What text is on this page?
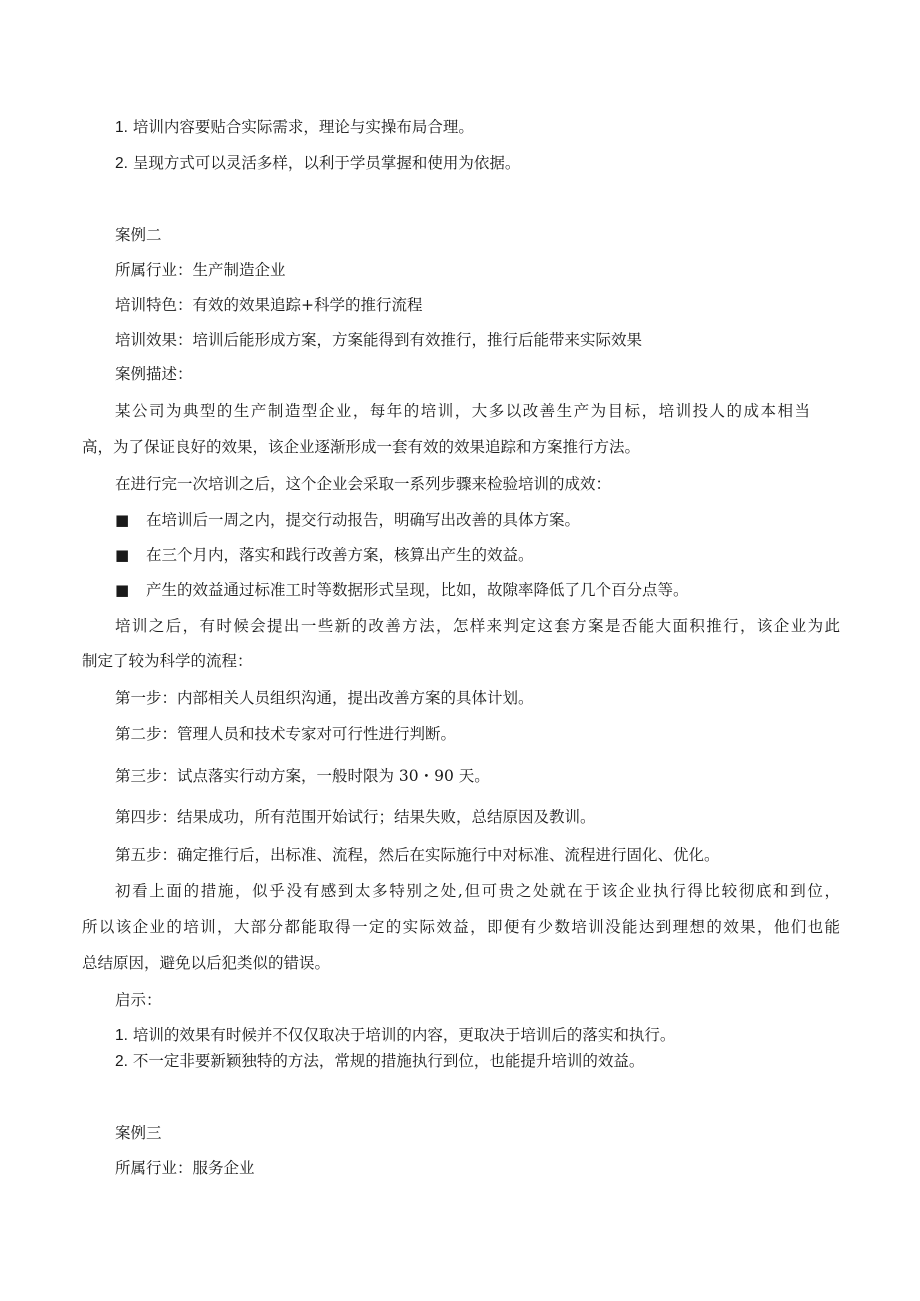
1. 培训内容要贴合实际需求，理论与实操布局合理。
2. 呈现方式可以灵活多样，以利于学员掌握和使用为依据。
案例二
所属行业：生产制造企业
培训特色：有效的效果追踪+科学的推行流程
培训效果：培训后能形成方案，方案能得到有效推行，推行后能带来实际效果
案例描述：
某公司为典型的生产制造型企业，每年的培训，大多以改善生产为目标，培训投人的成本相当
高，为了保证良好的效果，该企业逐渐形成一套有效的效果追踪和方案推行方法。
在进行完一次培训之后，这个企业会采取一系列步骤来检验培训的成效：
■ 在培训后一周之内，提交行动报告，明确写出改善的具体方案。
■ 在三个月内，落实和践行改善方案，核算出产生的效益。
■ 产生的效益通过标准工时等数据形式呈现，比如，故隙率降低了几个百分点等。
培训之后，有时候会提出一些新的改善方法，怎样来判定这套方案是否能大面积推行，该企业为此
制定了较为科学的流程：
第一步：内部相关人员组织沟通，提出改善方案的具体计划。
第二步：管理人员和技术专家对可行性进行判断。
第三步：试点落实行动方案，一般时限为 30・90 天。
第四步：结果成功，所有范围开始试行；结果失败，总结原因及教训。
第五步：确定推行后，出标准、流程，然后在实际施行中对标准、流程进行固化、优化。
初看上面的措施，似乎没有感到太多特别之处,但可贵之处就在于该企业执行得比较彻底和到位，
所以该企业的培训，大部分都能取得一定的实际效益，即便有少数培训没能达到理想的效果，他们也能
总结原因，避免以后犯类似的错误。
启示：
1. 培训的效果有时候并不仅仅取决于培训的内容，更取决于培训后的落实和执行。
2. 不一定非要新颖独特的方法，常规的措施执行到位，也能提升培训的效益。
案例三
所属行业：服务企业
